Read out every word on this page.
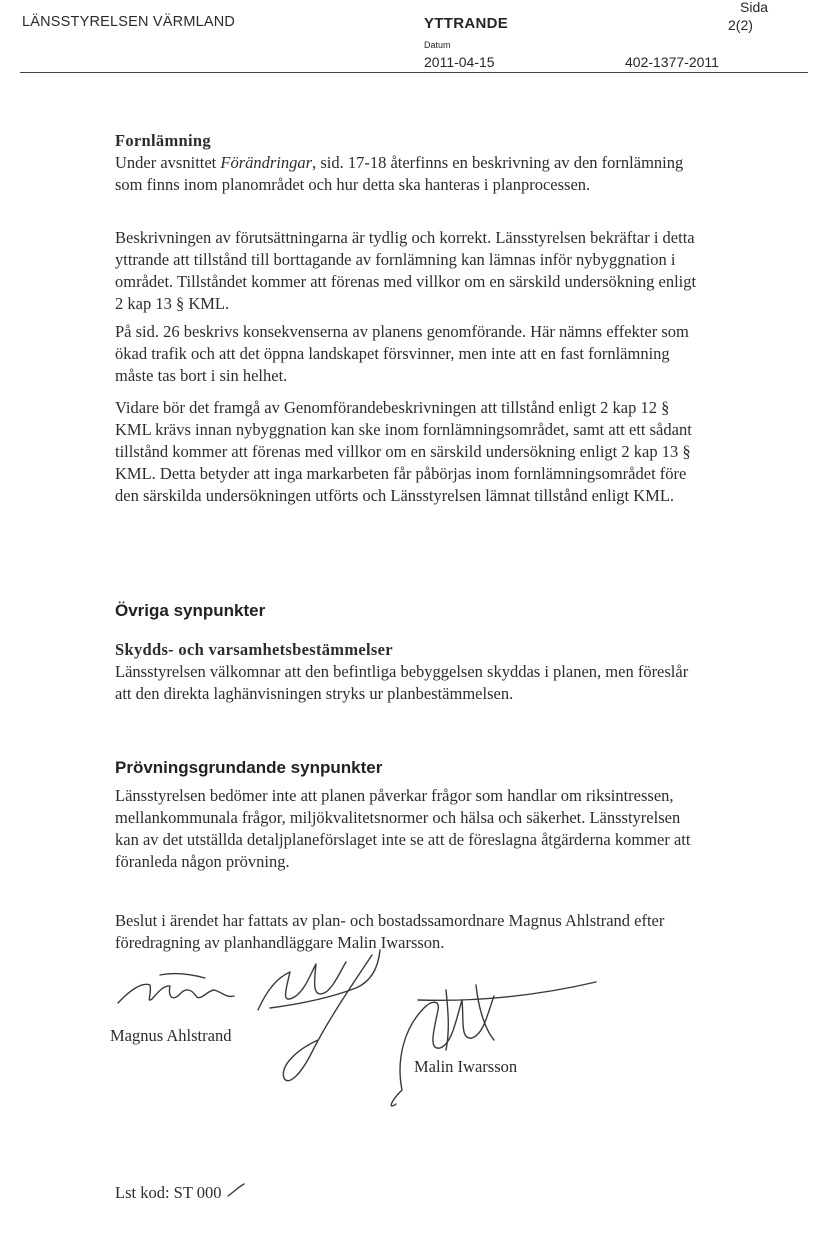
LÄNSSTYRELSEN VÄRMLAND	YTTRANDE
Sida
2(2)
Datum
2011-04-15	402-1377-2011

Fornlämning

Under avsnittet Förändringar, sid. 17-18 återfinns en beskrivning av den fornlämning som finns inom planområdet och hur detta ska hanteras i planprocessen.

Beskrivningen av förutsättningarna är tydlig och korrekt. Länsstyrelsen bekräftar i detta yttrande att tillstånd till borttagande av fornlämning kan lämnas inför nybyggnation i området. Tillståndet kommer att förenas med villkor om en särskild undersökning enligt 2 kap 13 § KML.
På sid. 26 beskrivs konsekvenserna av planens genomförande. Här nämns effekter som ökad trafik och att det öppna landskapet försvinner, men inte att en fast fornlämning måste tas bort i sin helhet.
Vidare bör det framgå av Genomförandebeskrivningen att tillstånd enligt 2 kap 12 § KML krävs innan nybyggnation kan ske inom fornlämningsområdet, samt att ett sådant tillstånd kommer att förenas med villkor om en särskild undersökning enligt 2 kap 13 § KML. Detta betyder att inga markarbeten får påbörjas inom fornlämningsområdet före den särskilda undersökningen utförts och Länsstyrelsen lämnat tillstånd enligt KML.
Övriga synpunkter

Skydds- och varsamhetsbestämmelser

Länsstyrelsen välkomnar att den befintliga bebyggelsen skyddas i planen, men föreslår att den direkta laghänvisningen stryks ur planbestämmelsen.

Prövningsgrundande synpunkter
Länsstyrelsen bedömer inte att planen påverkar frågor som handlar om riksintressen, mellankommunala frågor, miljökvalitetsnormer och hälsa och säkerhet. Länsstyrelsen kan av det utställda detaljplaneförslaget inte se att de föreslagna åtgärderna kommer att föranleda någon prövning.
Beslut i ärendet har fattats av plan- och bostadssamordnare Magnus Ahlstrand efter föredragning av planhandläggare Malin Iwarsson.
Magnus Ahlstrand
Malin Iwarsson
Lst kod: ST 000
